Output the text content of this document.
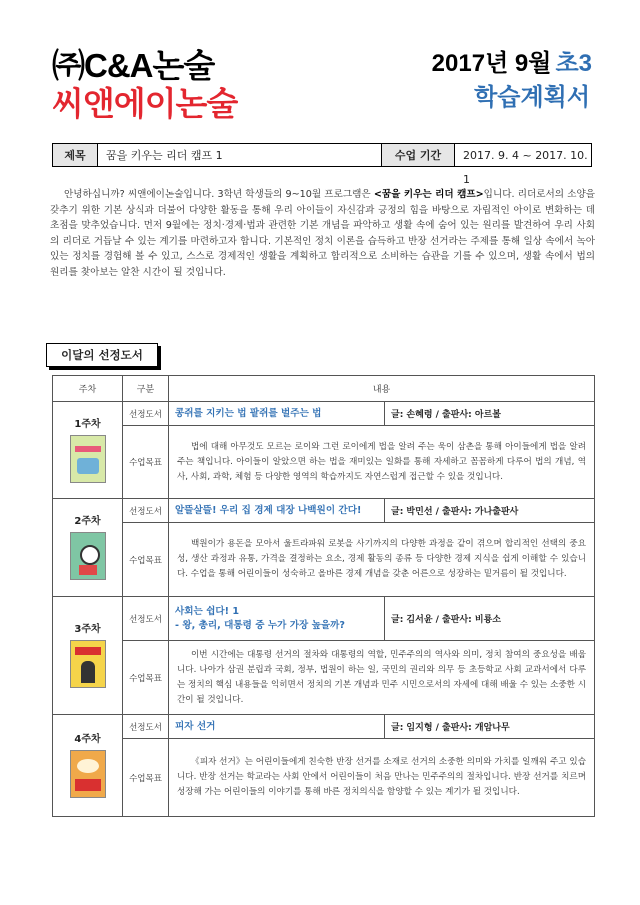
㈜C&A논술
씨앤에이논술
2017년 9월 초3
학습계획서
제목	꿈을 키우는 리더 캠프 1	수업 기간	2017. 9. 4 ~ 2017. 10. 1
안녕하십니까? 씨앤에이논술입니다. 3학년 학생들의 9~10월 프로그램은 <꿈을 키우는 리더 캠프>입니다. 리더로서의 소양을 갖추기 위한 기본 상식과 더불어 다양한 활동을 통해 우리 아이들이 자신감과 긍정의 힘을 바탕으로 자립적인 아이로 변화하는 데 초점을 맞추었습니다. 먼저 9월에는 정치·경제·법과 관련한 기본 개념을 파악하고 생활 속에 숨어 있는 원리를 발견하여 우리 사회의 리더로 거듭날 수 있는 계기를 마련하고자 합니다. 기본적인 정치 이론을 습득하고 반장 선거라는 주제를 통해 일상 속에서 녹아 있는 정치를 경험해 볼 수 있고, 스스로 경제적인 생활을 계획하고 합리적으로 소비하는 습관을 기를 수 있으며, 생활 속에서 법의 원리를 찾아보는 알찬 시간이 될 것입니다.
이달의 선정도서
주차	구분	내용	

1주차	선정도서	콩쥐를 지키는 법 팥쥐를 벌주는 법	글: 손혜령 / 출판사: 아르볼
	수업목표	법에 대해 아무것도 모르는 로이와 그런 로이에게 법을 알려 주는 욱이 삼촌을 통해 아이들에게 법을 알려 주는 책입니다. 아이들이 알았으면 하는 법을 재미있는 일화를 통해 자세하고 꼼꼼하게 다루어 법의 개념, 역사, 사회, 과학, 체험 등 다양한 영역의 학습까지도 자연스럽게 접근할 수 있을 것입니다.	

2주차	선정도서	알뜰살뜰! 우리 집 경제 대장 나백원이 간다!	글: 박민선 / 출판사: 가나출판사
	수업목표	백원이가 용돈을 모아서 울트라파워 로봇을 사기까지의 다양한 과정을 같이 겪으며 합리적인 선택의 중요성, 생산 과정과 유통, 가격을 결정하는 요소, 경제 활동의 종류 등 다양한 경제 지식을 쉽게 이해할 수 있습니다. 수업을 통해 어린이들이 성숙하고 올바른 경제 개념을 갖춘 어른으로 성장하는 밑거름이 될 것입니다.	

3주차	선정도서	사회는 쉽다! 1
- 왕, 총리, 대통령 중 누가 가장 높을까?	글: 김서윤 / 출판사: 비룡소
	수업목표	이번 시간에는 대통령 선거의 절차와 대통령의 역할, 민주주의의 역사와 의미, 정치 참여의 중요성을 배웁니다. 나아가 삼권 분립과 국회, 정부, 법원이 하는 일, 국민의 권리와 의무 등 초등학교 사회 교과서에서 다루는 정치의 핵심 내용들을 익히면서 정치의 기본 개념과 민주 시민으로서의 자세에 대해 배울 수 있는 소중한 시간이 될 것입니다.	

4주차	선정도서	피자 선거	글: 임지형 / 출판사: 개암나무
	수업목표	《피자 선거》는 어린이들에게 친숙한 반장 선거를 소재로 선거의 소중한 의미와 가치를 일깨워 주고 있습니다. 반장 선거는 학교라는 사회 안에서 어린이들이 처음 만나는 민주주의의 절차입니다. 반장 선거를 치르며 성장해 가는 어린이들의 이야기를 통해 바른 정치의식을 함양할 수 있는 계기가 될 것입니다.	
